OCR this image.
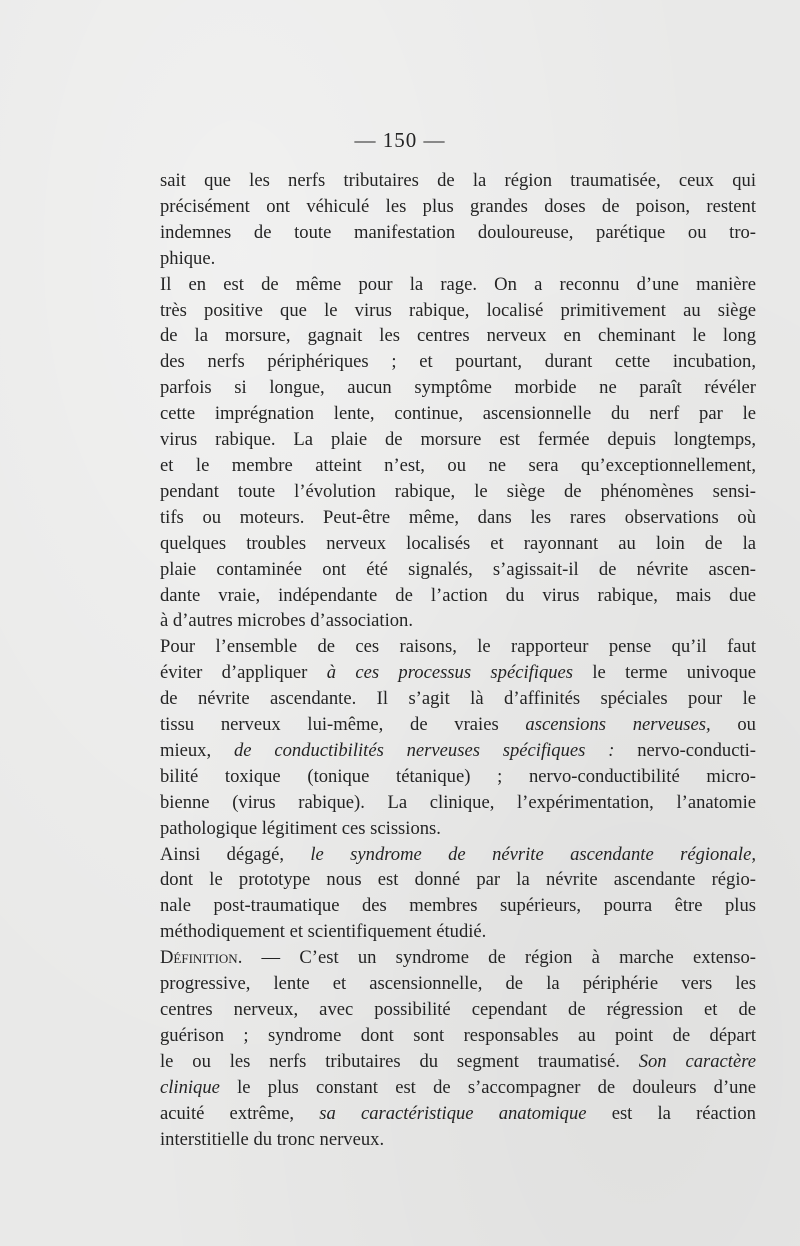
— 150 —
sait que les nerfs tributaires de la région traumatisée, ceux qui
précisément ont véhiculé les plus grandes doses de poison, restent
indemnes de toute manifestation douloureuse, parétique ou tro-
phique.
Il en est de même pour la rage. On a reconnu d’une manière
très positive que le virus rabique, localisé primitivement au siège
de la morsure, gagnait les centres nerveux en cheminant le long
des nerfs périphériques ; et pourtant, durant cette incubation,
parfois si longue, aucun symptôme morbide ne paraît révéler
cette imprégnation lente, continue, ascensionnelle du nerf par le
virus rabique. La plaie de morsure est fermée depuis longtemps,
et le membre atteint n’est, ou ne sera qu’exceptionnellement,
pendant toute l’évolution rabique, le siège de phénomènes sensi-
tifs ou moteurs. Peut-être même, dans les rares observations où
quelques troubles nerveux localisés et rayonnant au loin de la
plaie contaminée ont été signalés, s’agissait-il de névrite ascen-
dante vraie, indépendante de l’action du virus rabique, mais due
à d’autres microbes d’association.
Pour l’ensemble de ces raisons, le rapporteur pense qu’il faut
éviter d’appliquer à ces processus spécifiques le terme univoque
de névrite ascendante. Il s’agit là d’affinités spéciales pour le
tissu nerveux lui-même, de vraies ascensions nerveuses, ou
mieux, de conductibilités nerveuses spécifiques : nervo-conducti-
bilité toxique (tonique tétanique) ; nervo-conductibilité micro-
bienne (virus rabique). La clinique, l’expérimentation, l’anatomie
pathologique légitiment ces scissions.
Ainsi dégagé, le syndrome de névrite ascendante régionale,
dont le prototype nous est donné par la névrite ascendante régio-
nale post-traumatique des membres supérieurs, pourra être plus
méthodiquement et scientifiquement étudié.
Définition. — C’est un syndrome de région à marche extenso-
progressive, lente et ascensionnelle, de la périphérie vers les
centres nerveux, avec possibilité cependant de régression et de
guérison ; syndrome dont sont responsables au point de départ
le ou les nerfs tributaires du segment traumatisé. Son caractère
clinique le plus constant est de s’accompagner de douleurs d’une
acuité extrême, sa caractéristique anatomique est la réaction
interstitielle du tronc nerveux.
